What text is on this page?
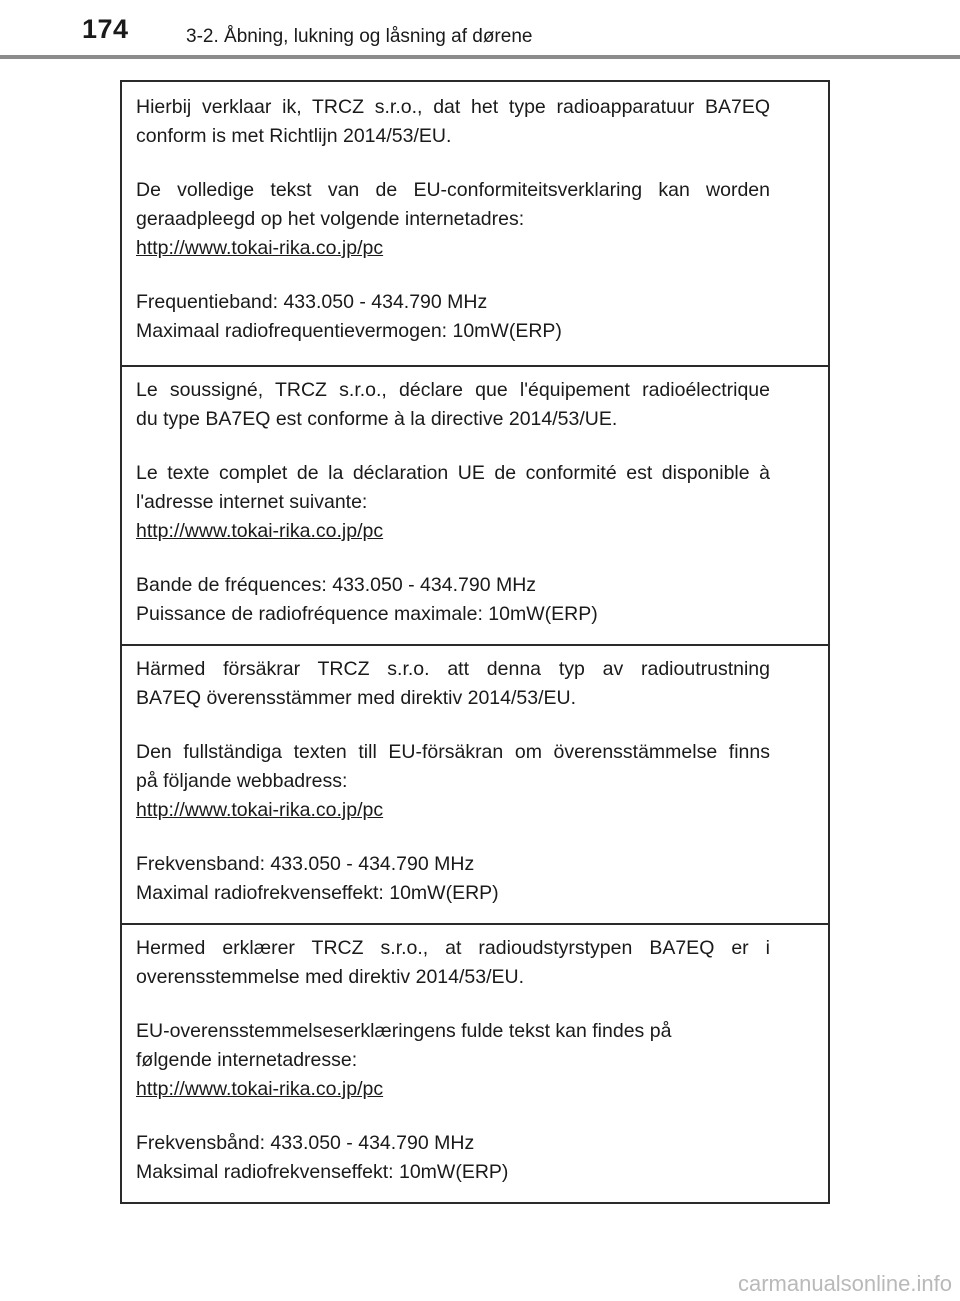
174	3-2. Åbning, lukning og låsning af dørene

Hierbij verklaar ik, TRCZ s.r.o., dat het type radioapparatuur BA7EQ

conform is met Richtlijn 2014/53/EU.

De volledige tekst van de EU-conformiteitsverklaring kan worden

geraadpleegd op het volgende internetadres:

http://www.tokai-rika.co.jp/pc

Frequentieband: 433.050 - 434.790 MHz

Maximaal radiofrequentievermogen: 10mW(ERP)

Le soussigné, TRCZ s.r.o., déclare que l'équipement radioélectrique

du type BA7EQ est conforme à la directive 2014/53/UE.

Le texte complet de la déclaration UE de conformité est disponible à

l'adresse internet suivante:

http://www.tokai-rika.co.jp/pc

Bande de fréquences: 433.050 - 434.790 MHz

Puissance de radiofréquence maximale: 10mW(ERP)

Härmed försäkrar TRCZ s.r.o. att denna typ av radioutrustning

BA7EQ överensstämmer med direktiv 2014/53/EU.

Den fullständiga texten till EU-försäkran om överensstämmelse finns

på följande webbadress:

http://www.tokai-rika.co.jp/pc

Frekvensband: 433.050 - 434.790 MHz

Maximal radiofrekvenseffekt: 10mW(ERP)

Hermed erklærer TRCZ s.r.o., at radioudstyrstypen BA7EQ er i

overensstemmelse med direktiv 2014/53/EU.

EU-overensstemmelseserklæringens fulde tekst kan findes på

følgende internetadresse:

http://www.tokai-rika.co.jp/pc

Frekvensbånd: 433.050 - 434.790 MHz

Maksimal radiofrekvenseffekt: 10mW(ERP)

carmanualsonline.info
